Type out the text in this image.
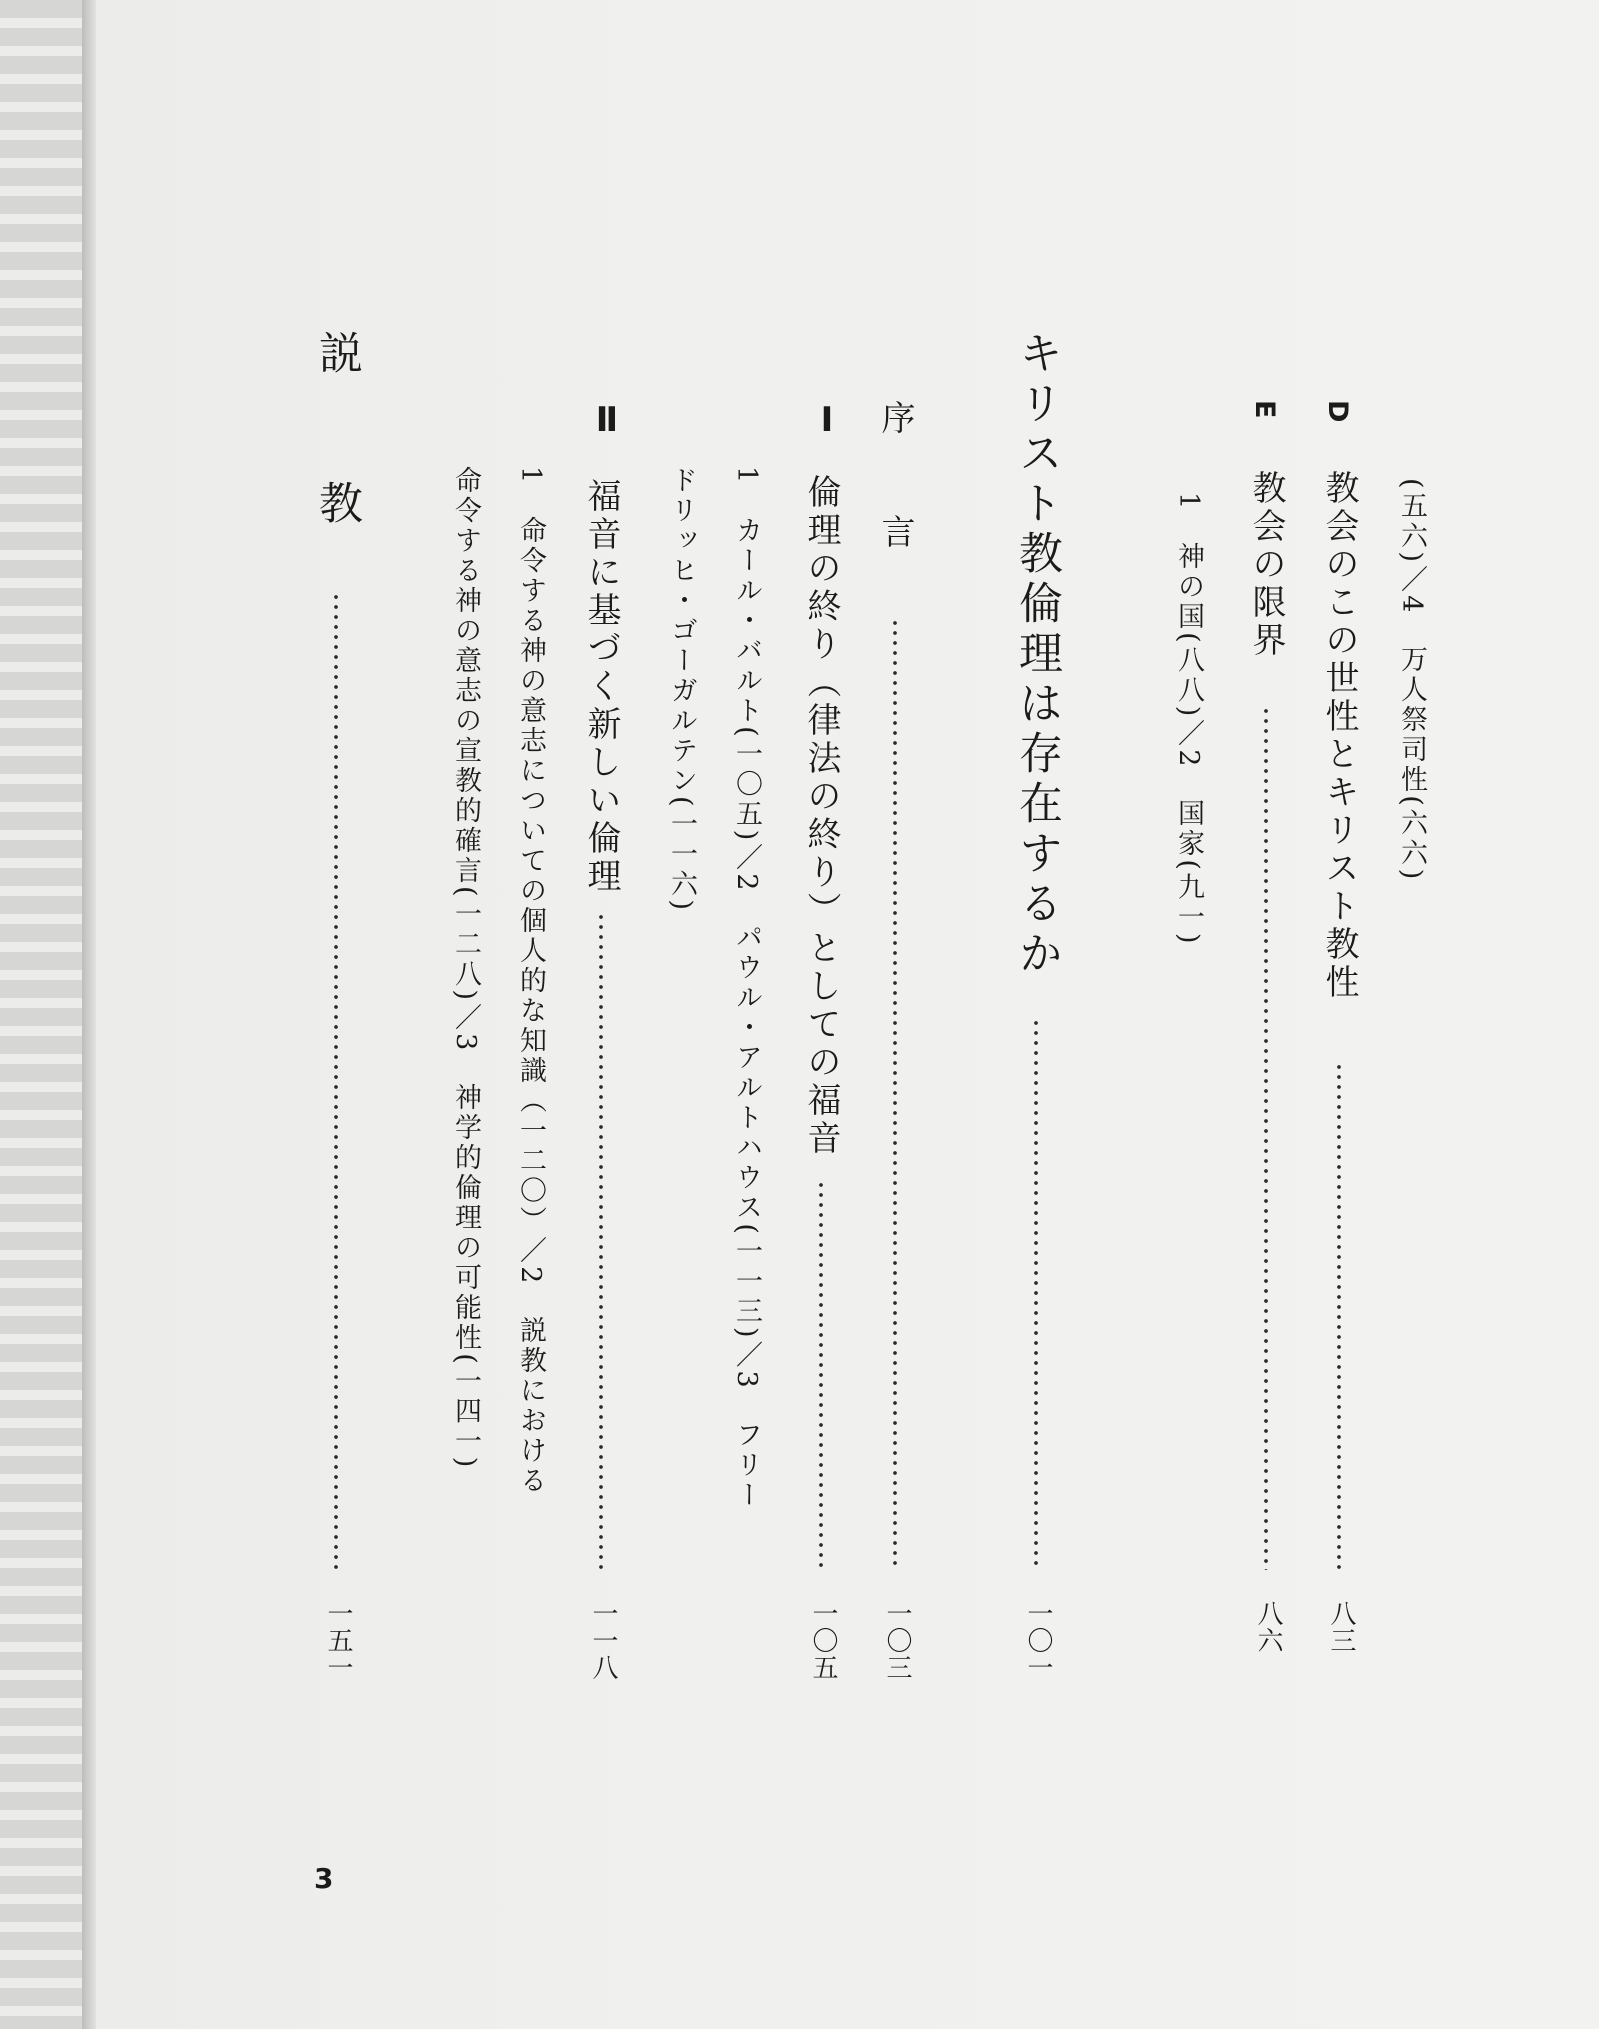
(五六)／4　万人祭司性(六六)
D
教会のこの世性とキリスト教性
八三
E
教会の限界
八六
1　神の国(八八)／2　国家(九一)
キリスト教倫理は存在するか
一〇一
序　　言
一〇三
Ⅰ
倫理の終り（律法の終り）としての福音
一〇五
1　カール・バルト(一〇五)／2　パウル・アルトハウス(一一三)／3　フリー
ドリッヒ・ゴーガルテン(一一六)
Ⅱ
福音に基づく新しい倫理
一一八
1　命令する神の意志についての個人的な知識（一二〇）／2　説教における
命令する神の意志の宣教的確言(一二八)／3　神学的倫理の可能性(一四一)
説　　教
一五一
3
